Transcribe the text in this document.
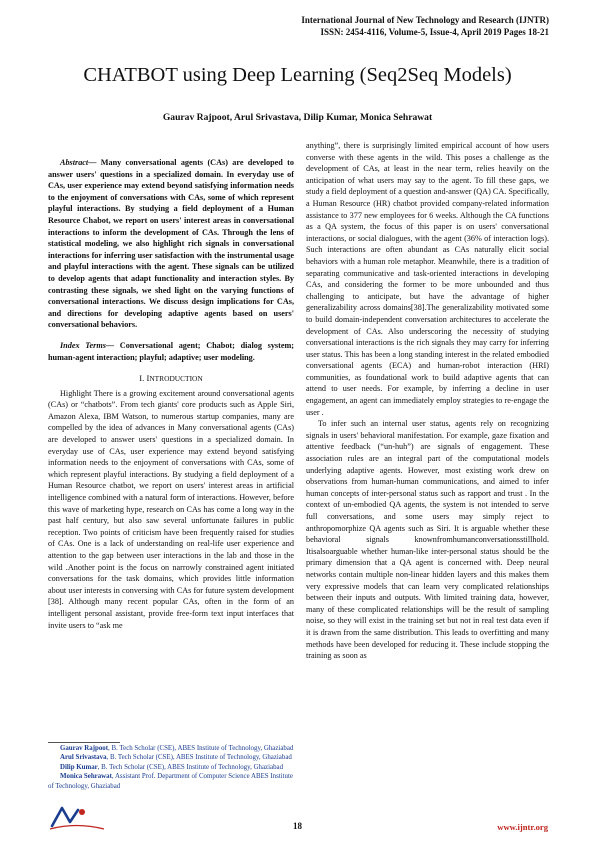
International Journal of New Technology and Research (IJNTR)
ISSN: 2454-4116, Volume-5, Issue-4, April 2019 Pages 18-21
CHATBOT using Deep Learning (Seq2Seq Models)
Gaurav Rajpoot, Arul Srivastava, Dilip Kumar, Monica Sehrawat

Abstract— Many conversational agents (CAs) are developed to answer users' questions in a specialized domain. In everyday use of CAs, user experience may extend beyond satisfying information needs to the enjoyment of conversations with CAs, some of which represent playful interactions. By studying a field deployment of a Human Resource Chabot, we report on users' interest areas in conversational interactions to inform the development of CAs. Through the lens of statistical modeling, we also highlight rich signals in conversational interactions for inferring user satisfaction with the instrumental usage and playful interactions with the agent. These signals can be utilized to develop agents that adapt functionality and interaction styles. By contrasting these signals, we shed light on the varying functions of conversational interactions. We discuss design implications for CAs, and directions for developing adaptive agents based on users' conversational behaviors.

Index Terms— Conversational agent; Chabot; dialog system; human-agent interaction; playful; adaptive; user modeling.

I. INTRODUCTION

Highlight There is a growing excitement around conversational agents (CAs) or “chatbots”. From tech giants' core products such as Apple Siri, Amazon Alexa, IBM Watson, to numerous startup companies, many are compelled by the idea of advances in Many conversational agents (CAs) are developed to answer users' questions in a specialized domain. In everyday use of CAs, user experience may extend beyond satisfying information needs to the enjoyment of conversations with CAs, some of which represent playful interactions. By studying a field deployment of a Human Resource chatbot, we report on users' interest areas in artificial intelligence combined with a natural form of interactions. However, before this wave of marketing hype, research on CAs has come a long way in the past half century, but also saw several unfortunate failures in public reception. Two points of criticism have been frequently raised for studies of CAs. One is a lack of understanding on real-life user experience and attention to the gap between user interactions in the lab and those in the wild .Another point is the focus on narrowly constrained agent initiated conversations for the task domains, which provides little information about user interests in conversing with CAs for future system development [38]. Although many recent popular CAs, often in the form of an intelligent personal assistant, provide free-form text input interfaces that invite users to “ask me

anything”, there is surprisingly limited empirical account of how users converse with these agents in the wild. This poses a challenge as the development of CAs, at least in the near term, relies heavily on the anticipation of what users may say to the agent. To fill these gaps, we study a field deployment of a question and-answer (QA) CA. Specifically, a Human Resource (HR) chatbot provided company-related information assistance to 377 new employees for 6 weeks. Although the CA functions as a QA system, the focus of this paper is on users' conversational interactions, or social dialogues, with the agent (36% of interaction logs). Such interactions are often abundant as CAs naturally elicit social behaviors with a human role metaphor. Meanwhile, there is a tradition of separating communicative and task-oriented interactions in developing CAs, and considering the former to be more unbounded and thus challenging to anticipate, but have the advantage of higher generalizability across domains[38].The generalizability motivated some to build domain-independent conversation architectures to accelerate the development of CAs. Also underscoring the necessity of studying conversational interactions is the rich signals they may carry for inferring user status. This has been a long standing interest in the related embodied conversational agents (ECA) and human-robot interaction (HRI) communities, as foundational work to build adaptive agents that can attend to user needs. For example, by inferring a decline in user engagement, an agent can immediately employ strategies to re-engage the user .

To infer such an internal user status, agents rely on recognizing signals in users' behavioral manifestation. For example, gaze fixation and attentive feedback (“un-huh”) are signals of engagement. These association rules are an integral part of the computational models underlying adaptive agents. However, most existing work drew on observations from human-human communications, and aimed to infer human concepts of inter-personal status such as rapport and trust . In the context of un-embodied QA agents, the system is not intended to serve full conversations, and some users may simply reject to anthropomorphize QA agents such as Siri. It is arguable whether these behavioral signals knownfromhumanconversationsstillhold. Itisalsoarguable whether human-like inter-personal status should be the primary dimension that a QA agent is concerned with. Deep neural networks contain multiple non-linear hidden layers and this makes them very expressive models that can learn very complicated relationships between their inputs and outputs. With limited training data, however, many of these complicated relationships will be the result of sampling noise, so they will exist in the training set but not in real test data even if it is drawn from the same distribution. This leads to overfitting and many methods have been developed for reducing it. These include stopping the training as soon as

Gaurav Rajpoot, B. Tech Scholar (CSE), ABES Institute of Technology, Ghaziabad
Arul Srivastava, B. Tech Scholar (CSE), ABES Institute of Technology, Ghaziabad
Dilip Kumar, B. Tech Scholar (CSE), ABES Institute of Technology, Ghaziabad
Monica Sehrawat, Assistant Prof. Department of Computer Science ABES Institute of Technology, Ghaziabad
18	www.ijntr.org
